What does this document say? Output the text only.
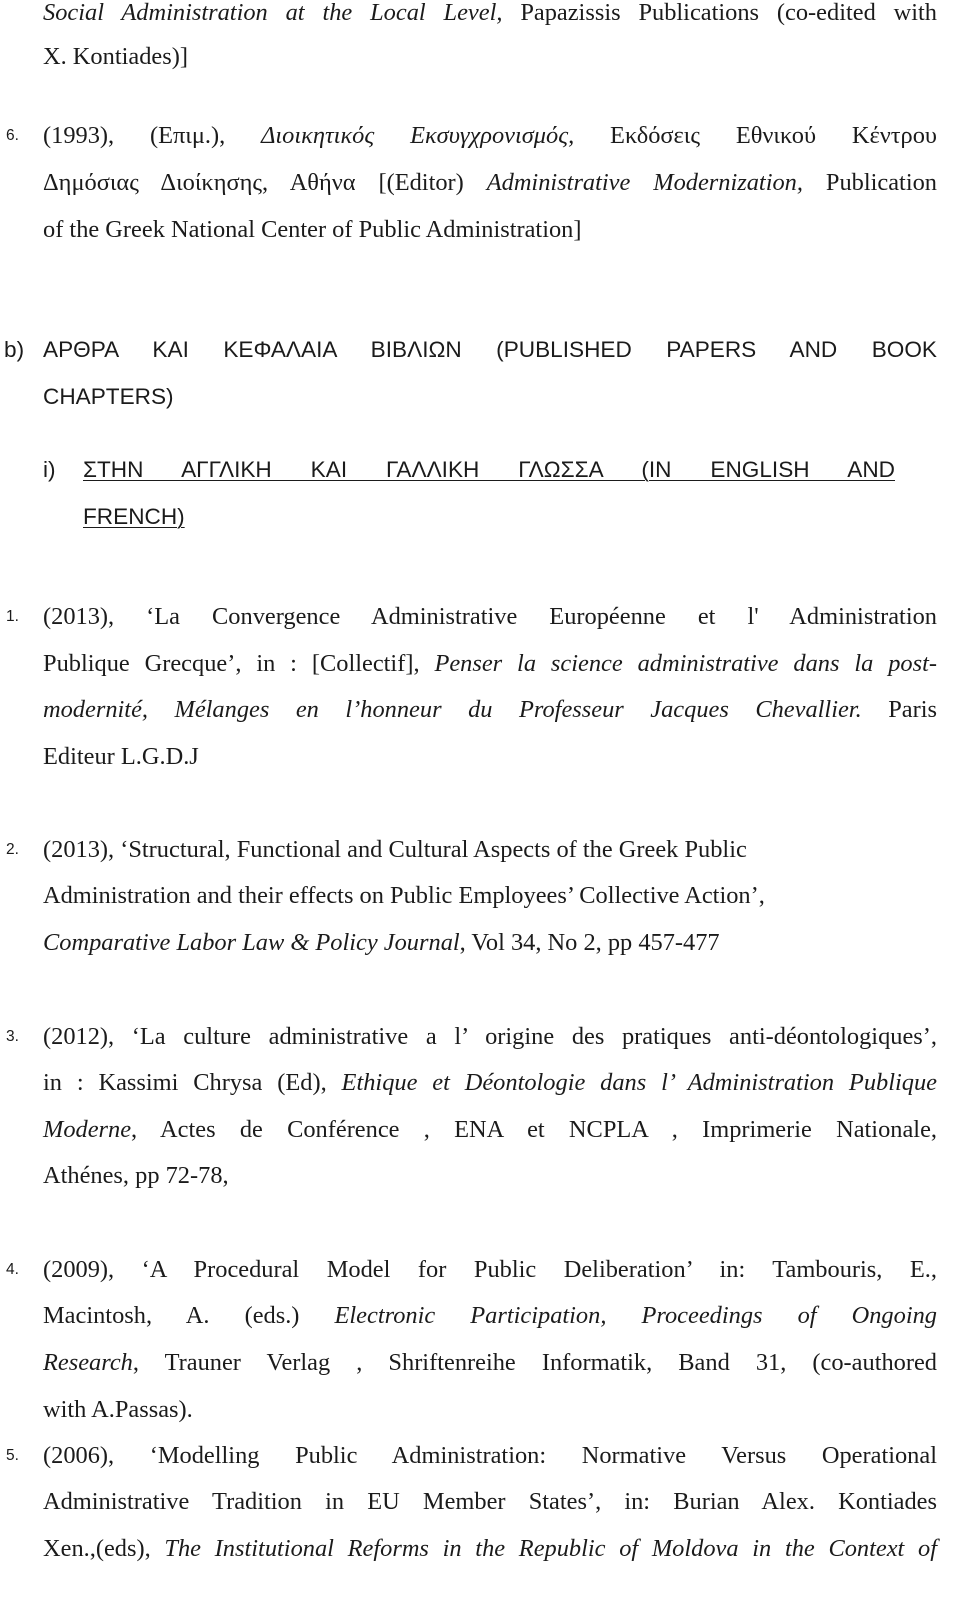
Social Administration at the Local Level, Papazissis Publications (co-edited with
X. Kontiades)]
6. (1993), (Επιμ.), Διοικητικός Εκσυγχρονισμός, Εκδόσεις Εθνικού Κέντρου
Δημόσιας Διοίκησης, Αθήνα [(Editor) Administrative Modernization, Publication
of the Greek National Center of Public Administration]
b) ΑΡΘΡΑ ΚΑΙ ΚΕΦΑΛΑΙΑ ΒΙΒΛΙΩΝ (PUBLISHED PAPERS AND BOOK
CHAPTERS)
i) ΣΤΗΝ ΑΓΓΛΙΚΗ ΚΑΙ ΓΑΛΛΙΚΗ ΓΛΩΣΣΑ (IN ENGLISH AND
FRENCH)
1. (2013), ‘La Convergence Administrative Européenne et l' Administration
Publique Grecque’, in : [Collectif], Penser la science administrative dans la post-
modernité, Mélanges en l’honneur du Professeur Jacques Chevallier. Paris
Editeur L.G.D.J
2. (2013), ‘Structural, Functional and Cultural Aspects of the Greek Public
Administration and their effects on Public Employees’ Collective Action’,
Comparative Labor Law & Policy Journal, Vol 34, No 2, pp 457-477
3. (2012), ‘La culture administrative a l’ origine des pratiques anti-déontologiques’,
in : Kassimi Chrysa (Ed), Ethique et Déontologie dans l’ Administration Publique
Moderne, Actes de Conférence , ENA et NCPLA , Imprimerie Nationale,
Athénes, pp 72-78,
4. (2009), ‘A Procedural Model for Public Deliberation’ in: Tambouris, E.,
Macintosh, A. (eds.) Electronic Participation, Proceedings of Ongoing
Research, Trauner Verlag , Shriftenreihe Informatik, Band 31, (co-authored
with A.Passas).
5. (2006), ‘Modelling Public Administration: Normative Versus Operational
Administrative Tradition in EU Member States’, in: Burian Alex. Kontiades
Xen.,(eds), The Institutional Reforms in the Republic of Moldova in the Context of
